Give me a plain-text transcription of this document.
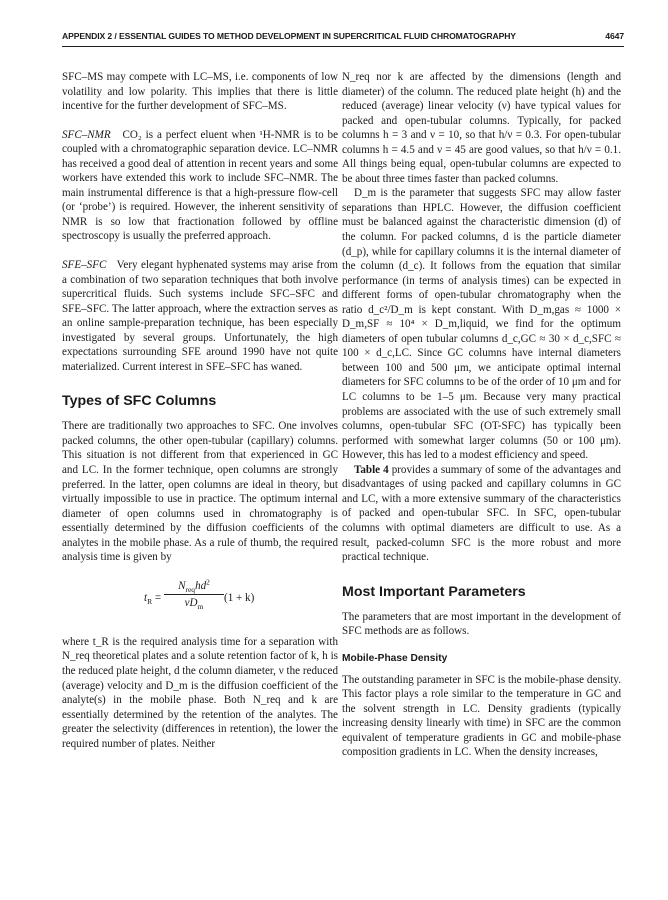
APPENDIX 2 / ESSENTIAL GUIDES TO METHOD DEVELOPMENT IN SUPERCRITICAL FLUID CHROMATOGRAPHY	4647

SFC–MS may compete with LC–MS, i.e. components of low volatility and low polarity. This implies that there is little incentive for the further development of SFC–MS.

SFC–NMR CO₂ is a perfect eluent when ¹H-NMR is to be coupled with a chromatographic separation device. LC–NMR has received a good deal of attention in recent years and some workers have extended this work to include SFC–NMR. The main instrumental difference is that a high-pressure flow-cell (or ‘probe’) is required. However, the inherent sensitivity of NMR is so low that fractionation followed by offline spectroscopy is usually the preferred approach.

SFE–SFC Very elegant hyphenated systems may arise from a combination of two separation techniques that both involve supercritical fluids. Such systems include SFC–SFC and SFE–SFC. The latter approach, where the extraction serves as an online sample-preparation technique, has been especially investigated by several groups. Unfortunately, the high expectations surrounding SFE around 1990 have not quite materialized. Current interest in SFE–SFC has waned.

Types of SFC Columns

There are traditionally two approaches to SFC. One involves packed columns, the other open-tubular (capillary) columns. This situation is not different from that experienced in GC and LC. In the former technique, open columns are strongly preferred. In the latter, open columns are ideal in theory, but virtually impossible to use in practice. The optimum internal diameter of open columns used in chromatography is essentially determined by the diffusion coefficients of the analytes in the mobile phase. As a rule of thumb, the required analysis time is given by

$t_R$ =
$N_{req}hd^2$
$\nu D_m$
(1 + k)

where t_R is the required analysis time for a separation with N_req theoretical plates and a solute retention factor of k, h is the reduced plate height, d the column diameter, ν the reduced (average) velocity and D_m is the diffusion coefficient of the analyte(s) in the mobile phase. Both N_req and k are essentially determined by the retention of the analytes. The greater the selectivity (differences in retention), the lower the required number of plates. Neither

N_req nor k are affected by the dimensions (length and diameter) of the column. The reduced plate height (h) and the reduced (average) linear velocity (ν) have typical values for packed and open-tubular columns. Typically, for packed columns h = 3 and ν = 10, so that h/ν = 0.3. For open-tubular columns h = 4.5 and ν = 45 are good values, so that h/ν = 0.1. All things being equal, open-tubular columns are expected to be about three times faster than packed columns.

D_m is the parameter that suggests SFC may allow faster separations than HPLC. However, the diffusion coefficient must be balanced against the characteristic dimension (d) of the column. For packed columns, d is the particle diameter (d_p), while for capillary columns it is the internal diameter of the column (d_c). It follows from the equation that similar performance (in terms of analysis times) can be expected in different forms of open-tubular chromatography when the ratio d_c²/D_m is kept constant. With D_m,gas ≈ 1000 × D_m,SF ≈ 10⁴ × D_m,liquid, we find for the optimum diameters of open tubular columns d_c,GC ≈ 30 × d_c,SFC ≈ 100 × d_c,LC. Since GC columns have internal diameters between 100 and 500 μm, we anticipate optimal internal diameters for SFC columns to be of the order of 10 μm and for LC columns to be 1–5 μm. Because very many practical problems are associated with the use of such extremely small columns, open-tubular SFC (OT-SFC) has typically been performed with somewhat larger columns (50 or 100 μm). However, this has led to a modest efficiency and speed.

Table 4 provides a summary of some of the advantages and disadvantages of using packed and capillary columns in GC and LC, with a more extensive summary of the characteristics of packed and open-tubular SFC. In SFC, open-tubular columns with optimal diameters are difficult to use. As a result, packed-column SFC is the more robust and more practical technique.

Most Important Parameters

The parameters that are most important in the development of SFC methods are as follows.

Mobile-Phase Density

The outstanding parameter in SFC is the mobile-phase density. This factor plays a role similar to the temperature in GC and the solvent strength in LC. Density gradients (typically increasing density linearly with time) in SFC are the common equivalent of temperature gradients in GC and mobile-phase composition gradients in LC. When the density increases,
